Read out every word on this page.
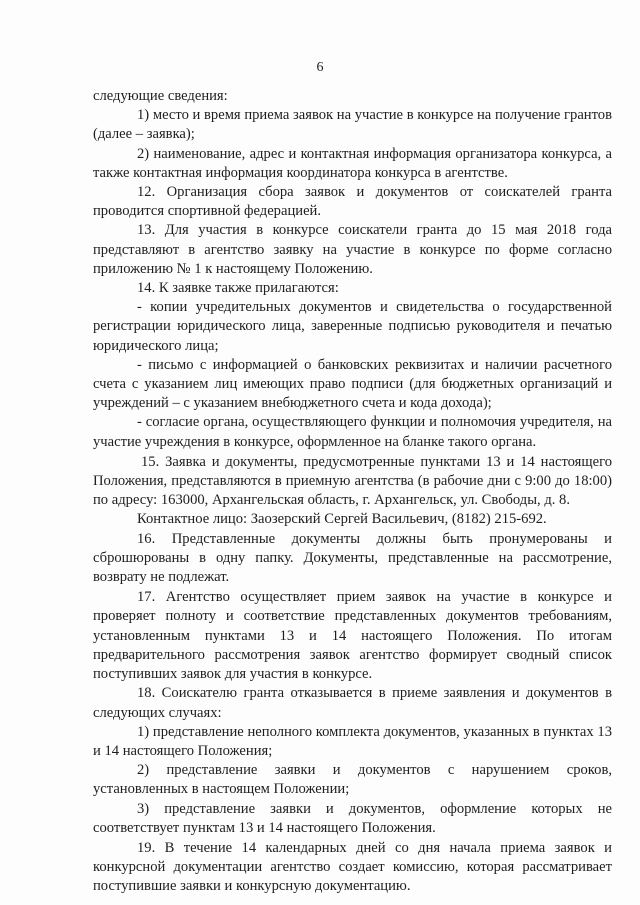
6

следующие сведения:

1) место и время приема заявок на участие в конкурсе на получение грантов (далее – заявка);

2) наименование, адрес и контактная информация организатора конкурса, а также контактная информация координатора конкурса в агентстве.

12. Организация сбора заявок и документов от соискателей гранта проводится спортивной федерацией.

13. Для участия в конкурсе соискатели гранта до 15 мая 2018 года представляют в агентство заявку на участие в конкурсе по форме согласно приложению № 1 к настоящему Положению.

14. К заявке также прилагаются:

- копии учредительных документов и свидетельства о государственной регистрации юридического лица, заверенные подписью руководителя и печатью юридического лица;

- письмо с информацией о банковских реквизитах и наличии расчетного счета с указанием лиц имеющих право подписи (для бюджетных организаций и учреждений – с указанием внебюджетного счета и кода дохода);

- согласие органа, осуществляющего функции и полномочия учредителя, на участие учреждения в конкурсе, оформленное на бланке такого органа.

15. Заявка и документы, предусмотренные пунктами 13 и 14 настоящего Положения, представляются в приемную агентства (в рабочие дни с 9:00 до 18:00) по адресу: 163000, Архангельская область, г. Архангельск, ул. Свободы, д. 8.

Контактное лицо: Заозерский Сергей Васильевич, (8182) 215-692.

16. Представленные документы должны быть пронумерованы и сброшюрованы в одну папку. Документы, представленные на рассмотрение, возврату не подлежат.

17. Агентство осуществляет прием заявок на участие в конкурсе и проверяет полноту и соответствие представленных документов требованиям, установленным пунктами 13 и 14 настоящего Положения. По итогам предварительного рассмотрения заявок агентство формирует сводный список поступивших заявок для участия в конкурсе.

18. Соискателю гранта отказывается в приеме заявления и документов в следующих случаях:

1) представление неполного комплекта документов, указанных в пунктах 13 и 14 настоящего Положения;

2) представление заявки и документов с нарушением сроков, установленных в настоящем Положении;

3) представление заявки и документов, оформление которых не соответствует пунктам 13 и 14 настоящего Положения.

19. В течение 14 календарных дней со дня начала приема заявок и конкурсной документации агентство создает комиссию, которая рассматривает поступившие заявки и конкурсную документацию.
